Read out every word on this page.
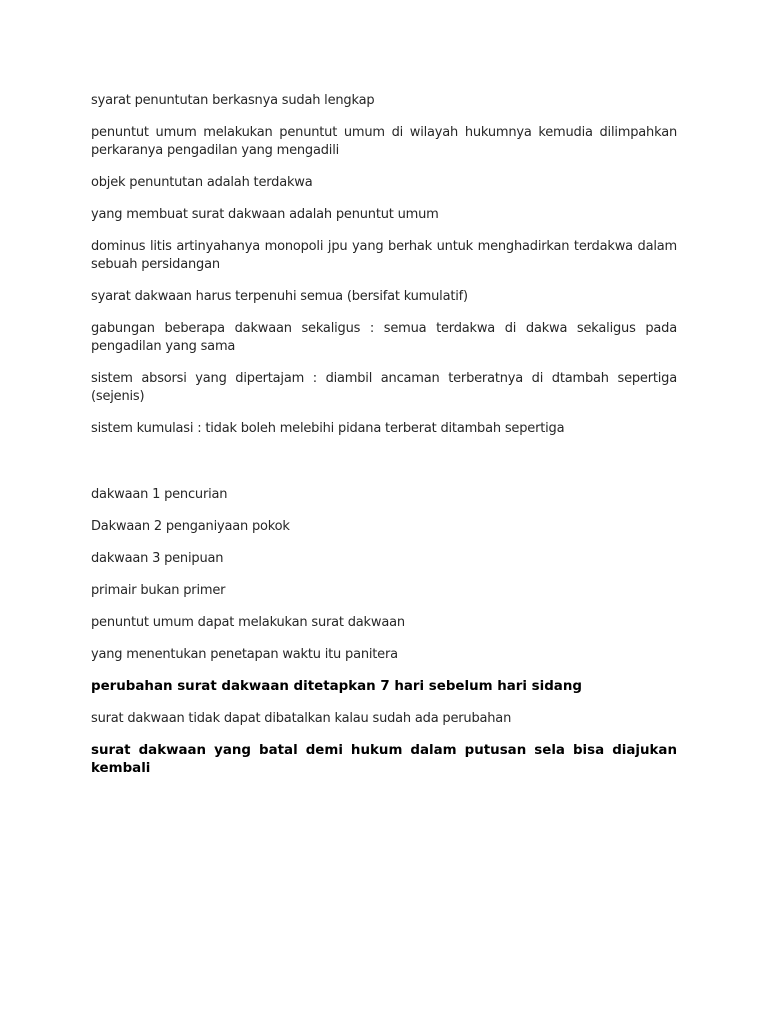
syarat penuntutan berkasnya sudah lengkap

penuntut umum melakukan penuntut umum di wilayah hukumnya kemudia dilimpahkan perkaranya pengadilan yang mengadili

objek penuntutan adalah terdakwa

yang membuat surat dakwaan adalah penuntut umum

dominus litis artinyahanya monopoli jpu yang berhak untuk menghadirkan terdakwa dalam sebuah persidangan

syarat dakwaan harus terpenuhi semua (bersifat kumulatif)

gabungan beberapa dakwaan sekaligus : semua terdakwa di dakwa sekaligus pada pengadilan yang sama

sistem absorsi yang dipertajam : diambil ancaman terberatnya di dtambah sepertiga (sejenis)

sistem kumulasi : tidak boleh melebihi pidana terberat ditambah sepertiga

dakwaan 1 pencurian

Dakwaan 2 penganiyaan pokok

dakwaan 3 penipuan

primair bukan primer

penuntut umum dapat melakukan surat dakwaan

yang menentukan penetapan waktu itu panitera

perubahan surat dakwaan ditetapkan 7 hari sebelum hari sidang

surat dakwaan tidak dapat dibatalkan kalau sudah ada perubahan

surat dakwaan yang batal demi hukum dalam putusan sela bisa diajukan kembali
